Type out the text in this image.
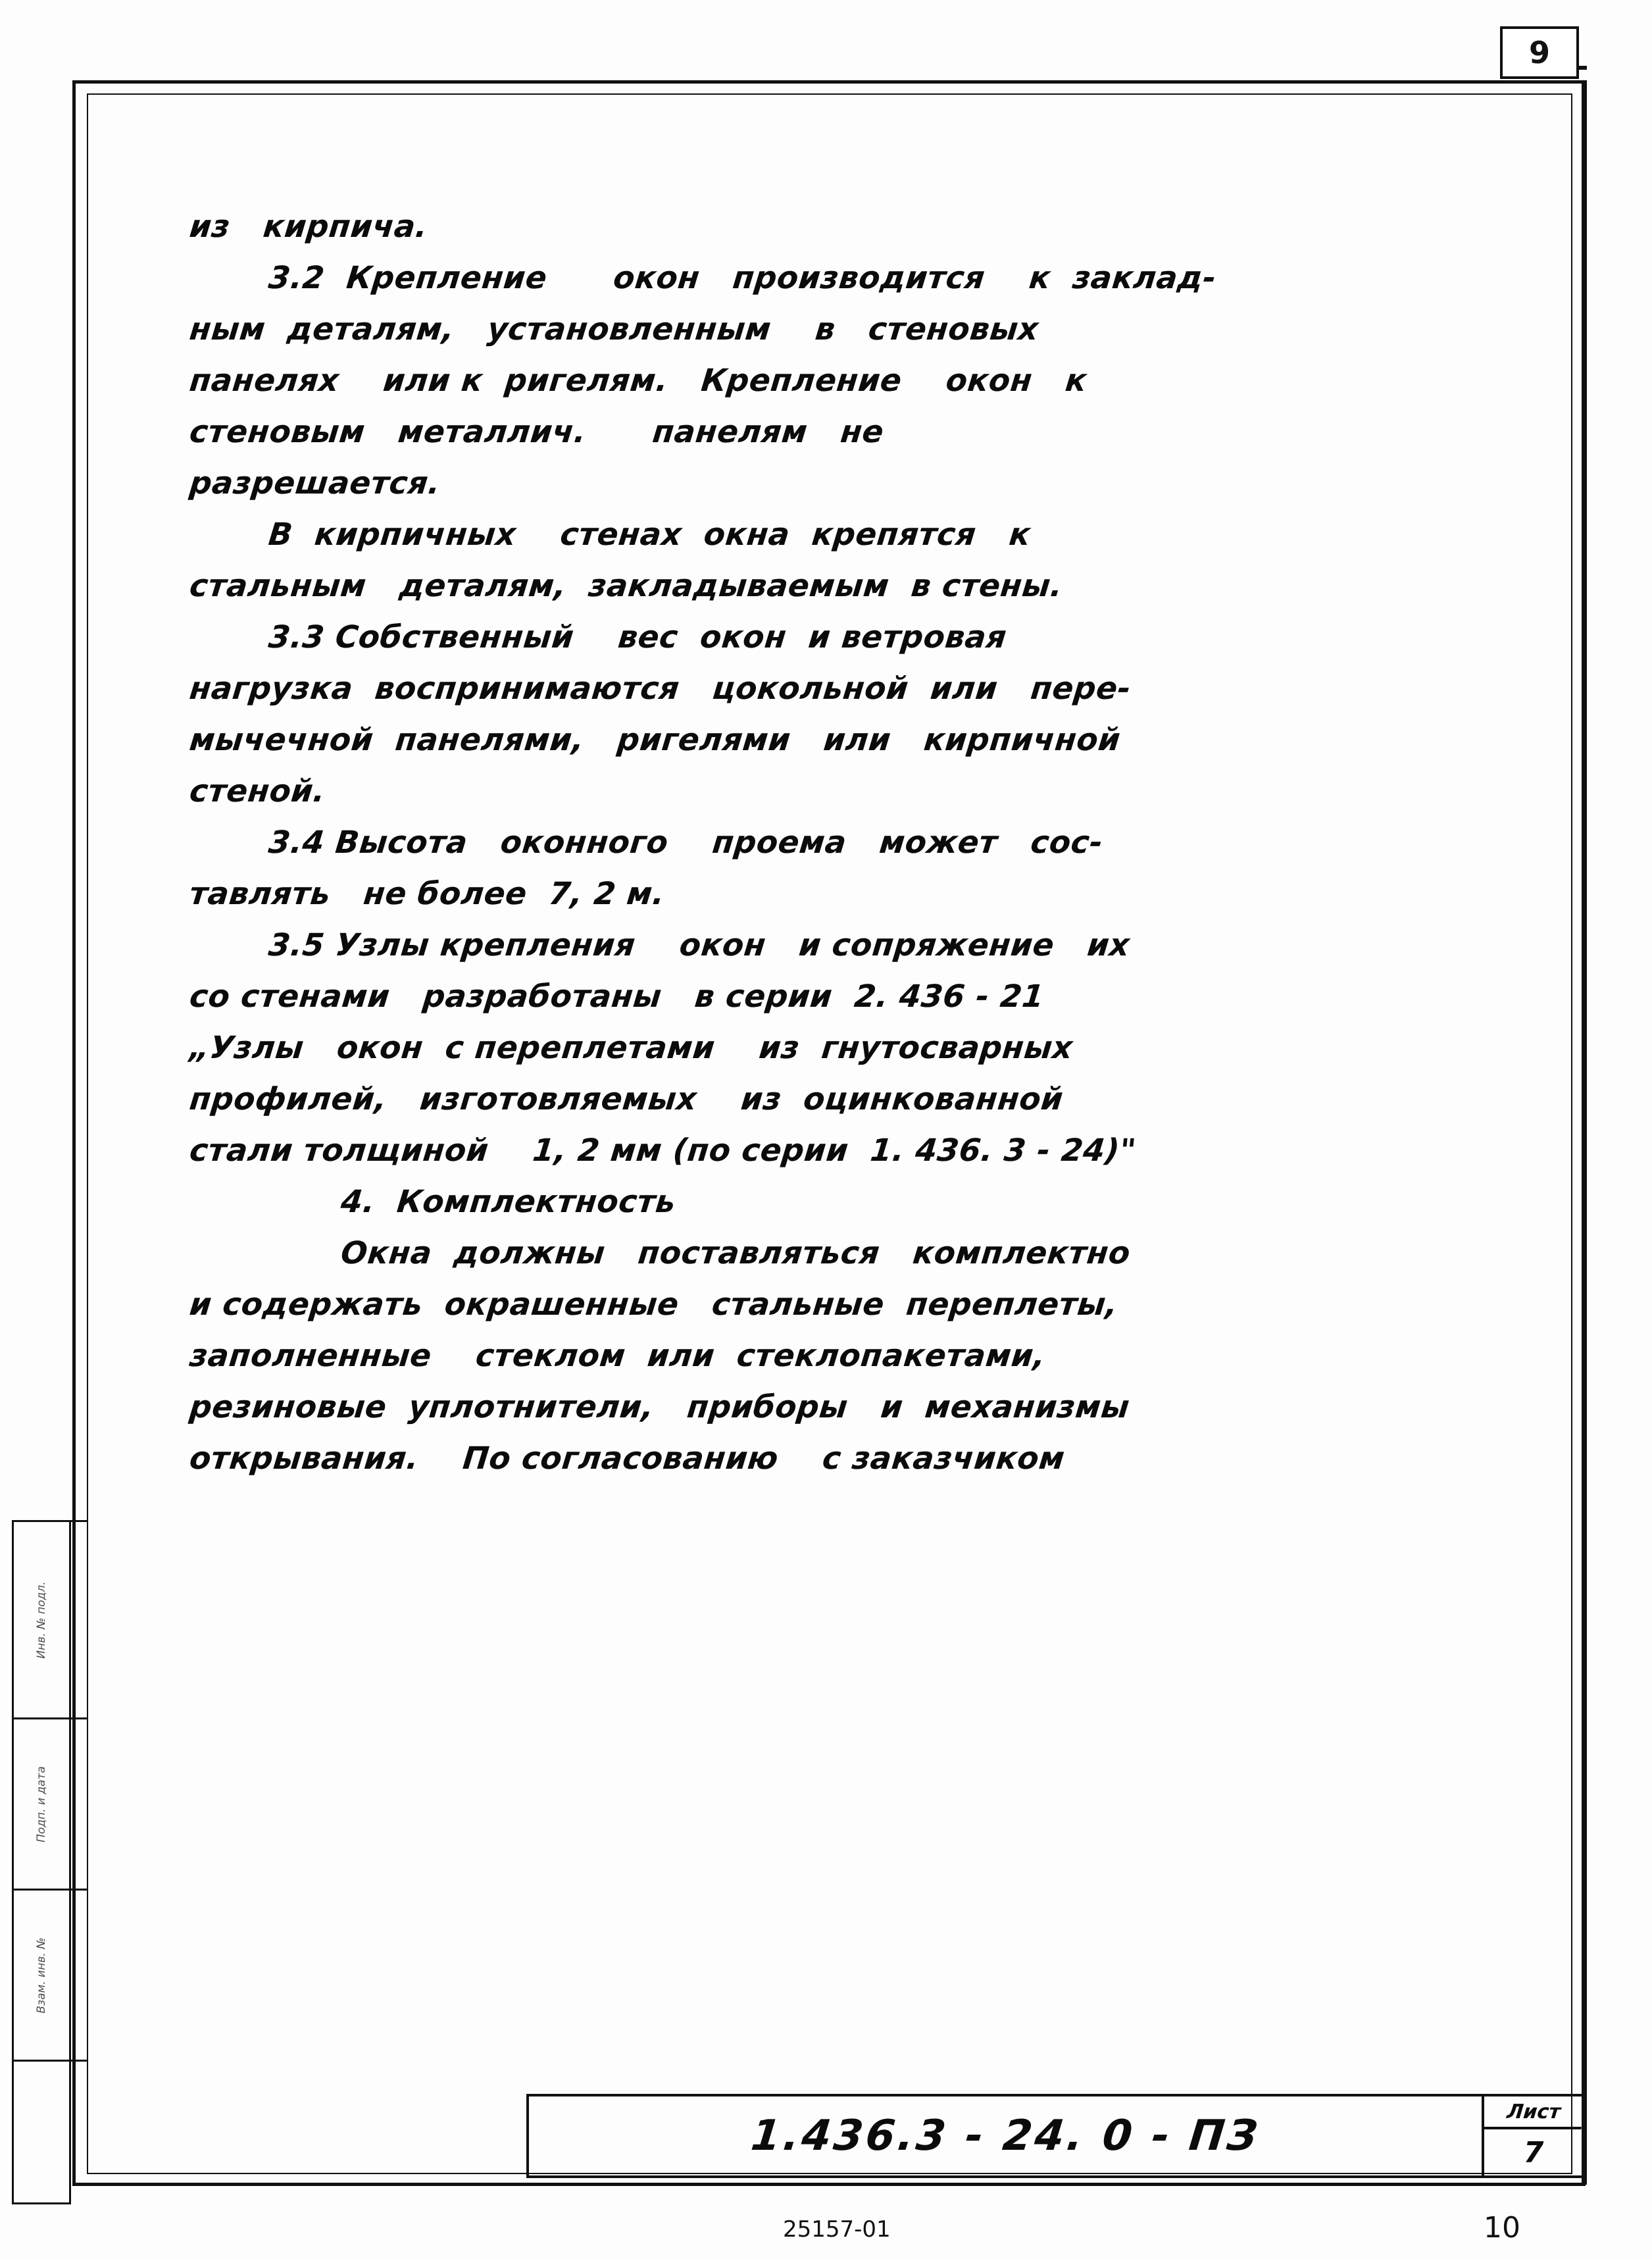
9
из   кирпича.
3.2  Крепление      окон   производится    к  заклад-
ным  деталям,   установленным    в   стеновых
панелях    или к  ригелям.   Крепление    окон   к
стеновым   металлич.      панелям   не
разрешается.
В  кирпичных    стенах  окна  крепятся   к
стальным   деталям,  закладываемым  в стены.
3.3 Собственный    вес  окон  и ветровая
нагрузка  воспринимаются   цокольной  или   пере-
мычечной  панелями,   ригелями   или   кирпичной
стеной.
3.4 Высота   оконного    проема   может   сос-
тавлять   не более  7, 2 м.
3.5 Узлы крепления    окон   и сопряжение   их
со стенами   разработаны   в серии  2. 436 - 21
„Узлы   окон  с переплетами    из  гнутосварных
профилей,   изготовляемых    из  оцинкованной
стали толщиной    1, 2 мм (по серии  1. 436. 3 - 24)"
4.  Комплектность
Окна  должны   поставляться   комплектно
и содержать  окрашенные   стальные  переплеты,
заполненные    стеклом  или  стеклопакетами,
резиновые  уплотнители,   приборы   и  механизмы
открывания.    По согласованию    с заказчиком
Инв. № подл.
Подп. и дата
Взам. инв. №
1.436.3 - 24. 0 - ПЗ	Лист
7
25157-01	10
